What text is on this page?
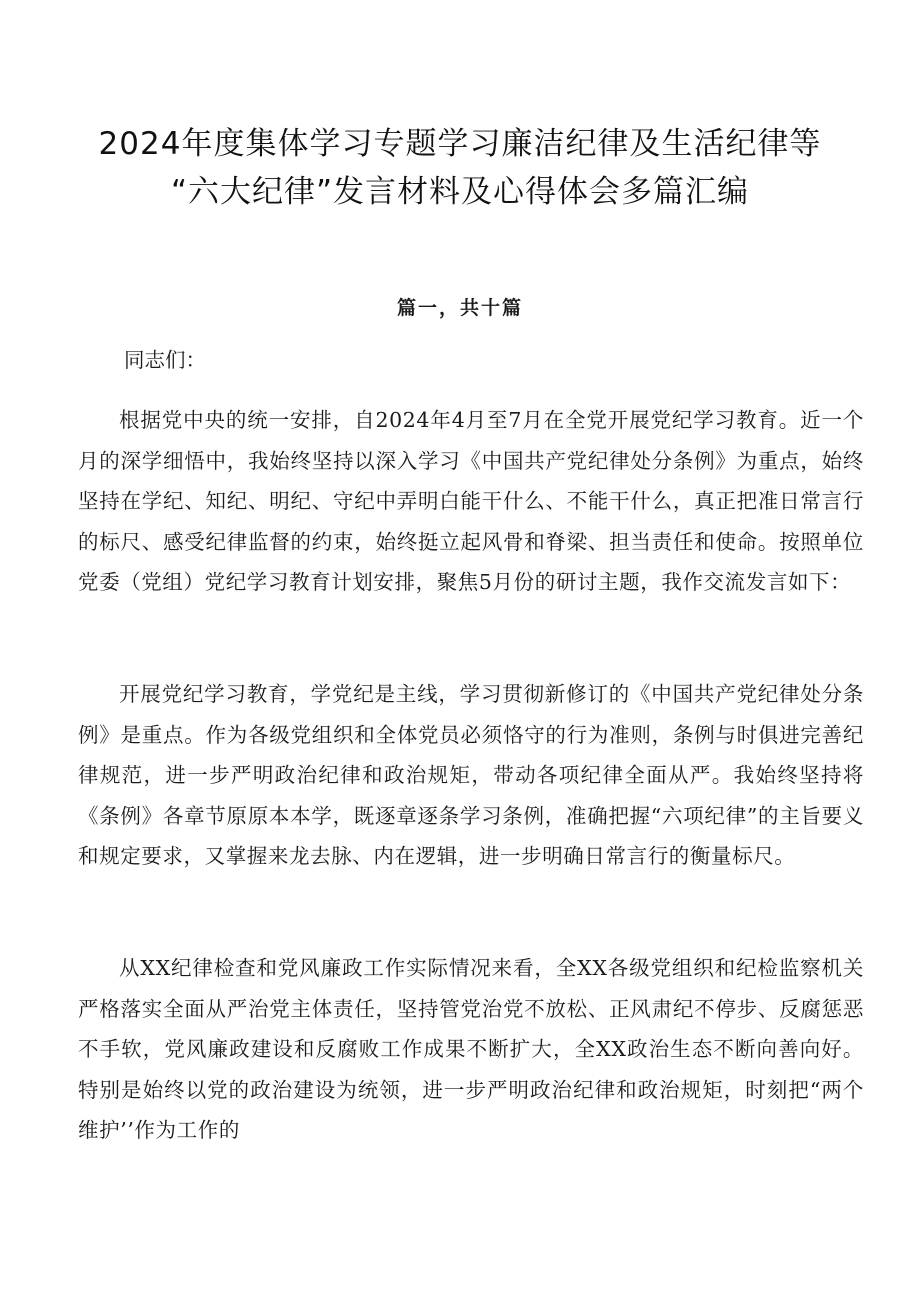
2024年度集体学习专题学习廉洁纪律及生活纪律等
“六大纪律”发言材料及心得体会多篇汇编
篇一，共十篇

同志们：

根据党中央的统一安排，自2024年4月至7月在全党开展党纪学习教育。近一个月的深学细悟中，我始终坚持以深入学习《中国共产党纪律处分条例》为重点，始终坚持在学纪、知纪、明纪、守纪中弄明白能干什么、不能干什么，真正把准日常言行的标尺、感受纪律监督的约束，始终挺立起风骨和脊梁、担当责任和使命。按照单位党委（党组）党纪学习教育计划安排，聚焦5月份的研讨主题，我作交流发言如下：

开展党纪学习教育，学党纪是主线，学习贯彻新修订的《中国共产党纪律处分条例》是重点。作为各级党组织和全体党员必须恪守的行为准则，条例与时俱进完善纪律规范，进一步严明政治纪律和政治规矩，带动各项纪律全面从严。我始终坚持将《条例》各章节原原本本学，既逐章逐条学习条例，准确把握“六项纪律”的主旨要义和规定要求，又掌握来龙去脉、内在逻辑，进一步明确日常言行的衡量标尺。

从XX纪律检查和党风廉政工作实际情况来看，全XX各级党组织和纪检监察机关严格落实全面从严治党主体责任，坚持管党治党不放松、正风肃纪不停步、反腐惩恶不手软，党风廉政建设和反腐败工作成果不断扩大，全XX政治生态不断向善向好。特别是始终以党的政治建设为统领，进一步严明政治纪律和政治规矩，时刻把“两个维护’’作为工作的
